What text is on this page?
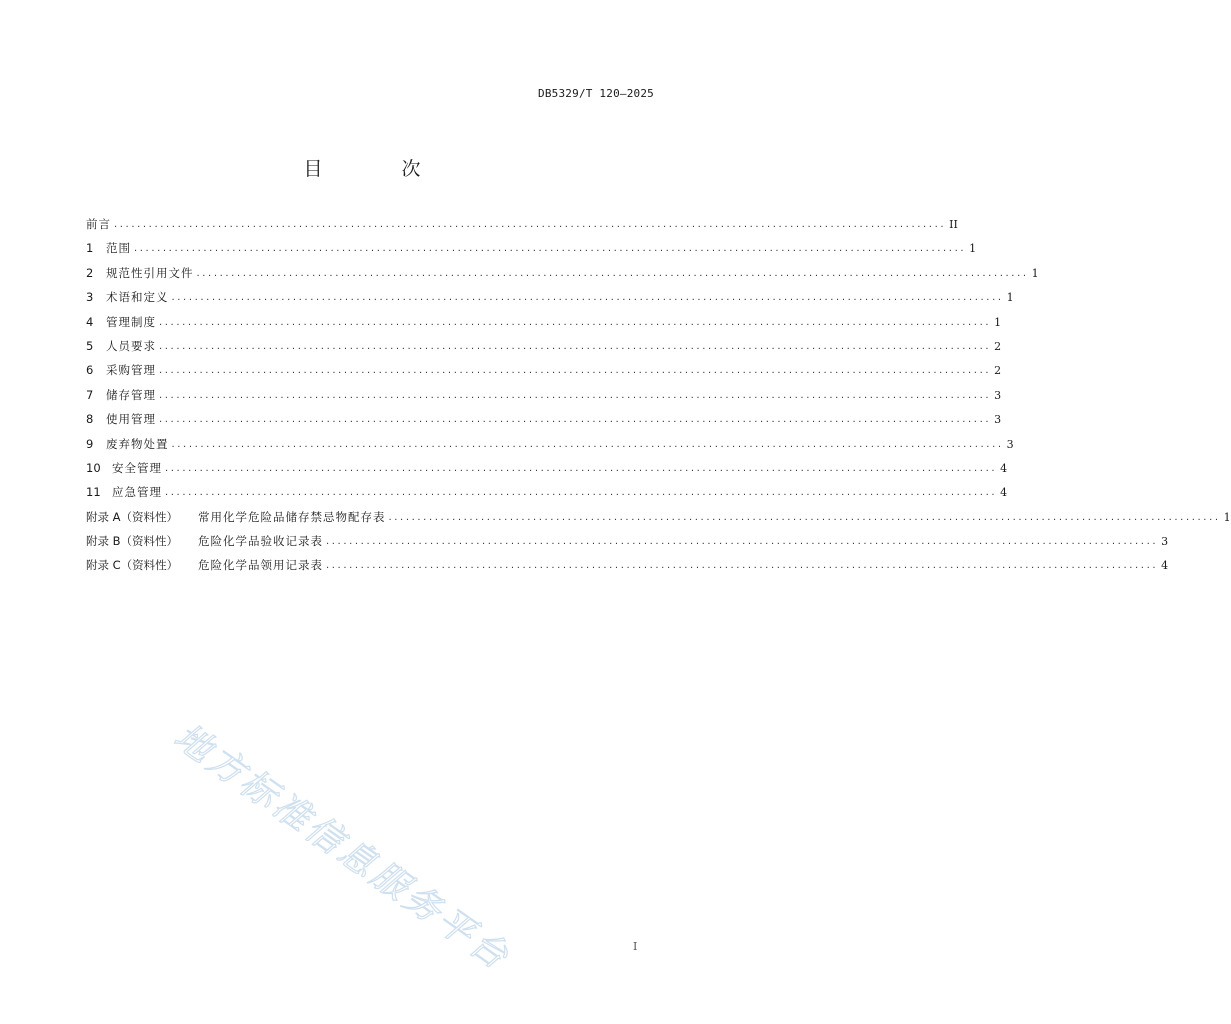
DB5329/T 120—2025
目　次
前言 ................................................................................................................................................ II
1	范围 ................................................................................................................................................ 1
2	规范性引用文件 ................................................................................................................................................ 1
3	术语和定义 ................................................................................................................................................ 1
4	管理制度 ................................................................................................................................................ 1
5	人员要求 ................................................................................................................................................ 2
6	采购管理 ................................................................................................................................................ 2
7	储存管理 ................................................................................................................................................ 3
8	使用管理 ................................................................................................................................................ 3
9	废弃物处置 ................................................................................................................................................ 3
10 安全管理 ................................................................................................................................................ 4
11 应急管理 ................................................................................................................................................ 4
附录 A（资料性）	常用化学危险品储存禁忌物配存表 ................................................................................................................................................ 1
附录 B（资料性）	危险化学品验收记录表 ................................................................................................................................................ 3
附录 C（资料性）	危险化学品领用记录表 ................................................................................................................................................ 4
地方标准信息服务平台	I
